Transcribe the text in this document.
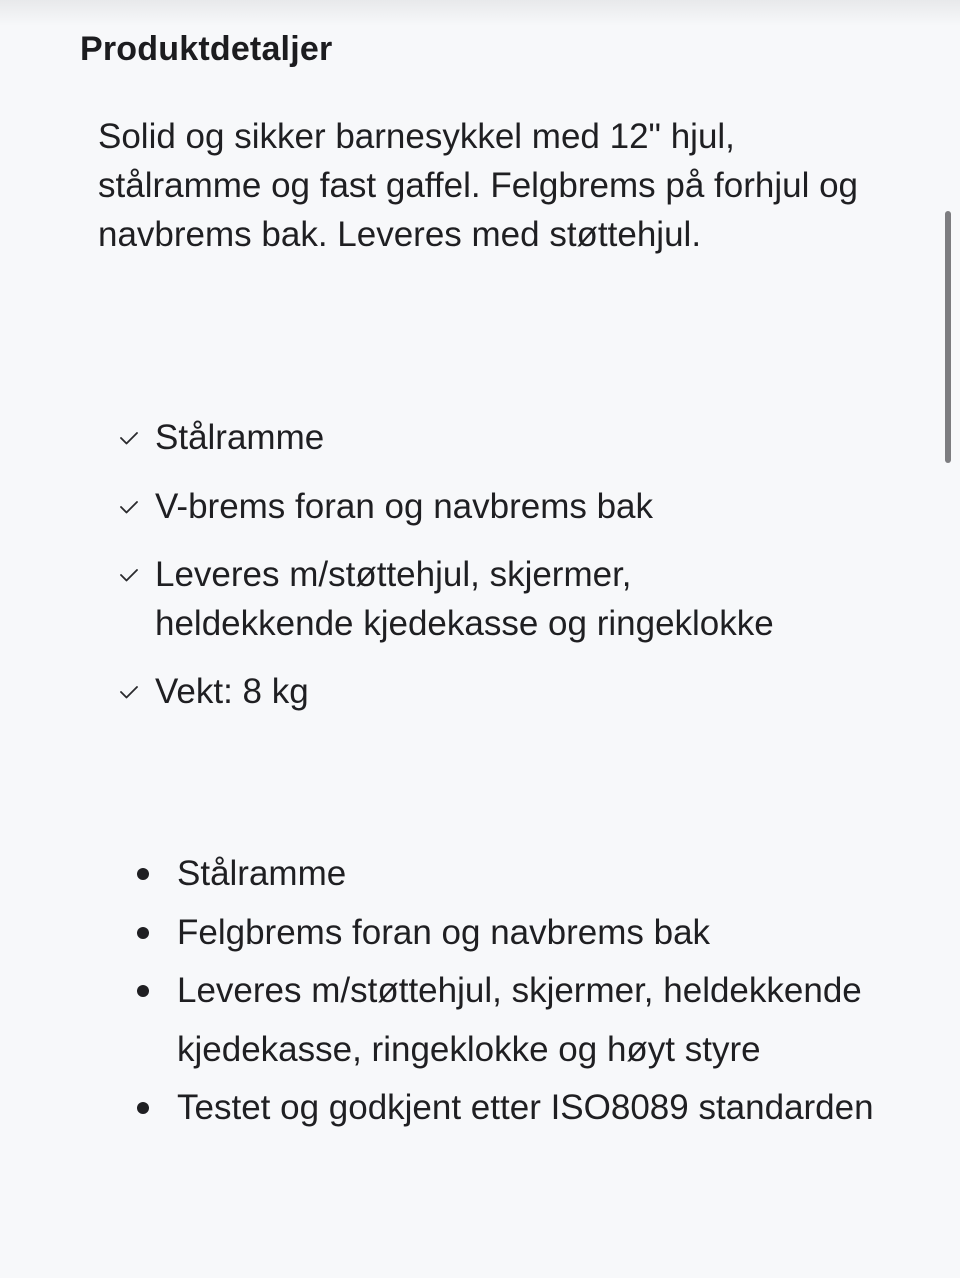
Produktdetaljer

Solid og sikker barnesykkel med 12" hjul, stålramme og fast gaffel. Felgbrems på forhjul og navbrems bak. Leveres med støttehjul.

Stålramme
V-brems foran og navbrems bak
Leveres m/støttehjul, skjermer, heldekkende kjedekasse og ringeklokke
Vekt: 8 kg
Stålramme
Felgbrems foran og navbrems bak
Leveres m/støttehjul, skjermer, heldekkende kjedekasse, ringeklokke og høyt styre
Testet og godkjent etter ISO8089 standarden
